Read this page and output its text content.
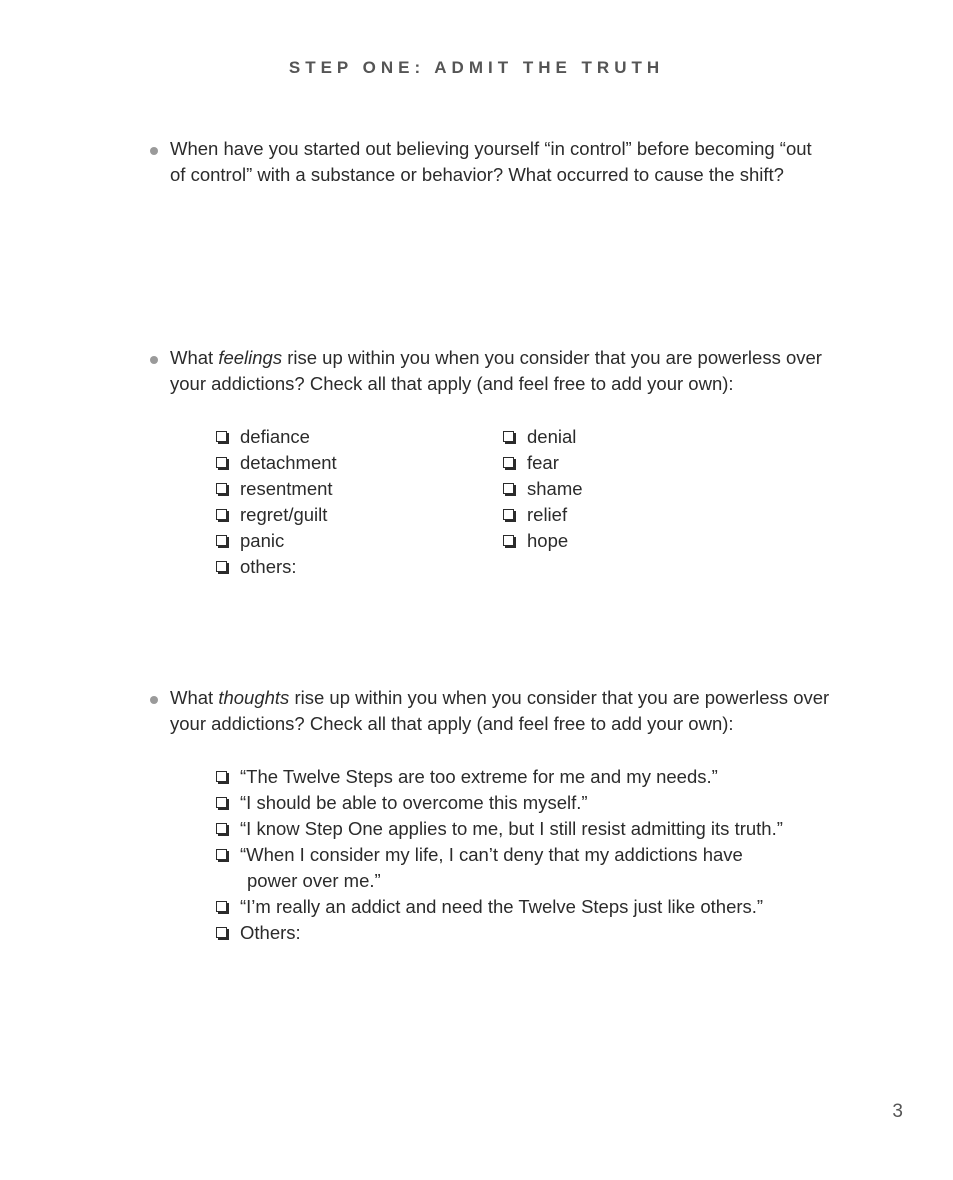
STEP ONE: ADMIT THE TRUTH
When have you started out believing yourself “in control” before becoming “out of control” with a substance or behavior? What occurred to cause the shift?
What feelings rise up within you when you consider that you are powerless over your addictions? Check all that apply (and feel free to add your own):
defiance
detachment
resentment
regret/guilt
panic
others:
denial
fear
shame
relief
hope
What thoughts rise up within you when you consider that you are powerless over your addictions? Check all that apply (and feel free to add your own):
“The Twelve Steps are too extreme for me and my needs.”
“I should be able to overcome this myself.”
“I know Step One applies to me, but I still resist admitting its truth.”
“When I consider my life, I can’t deny that my addictions have
power over me.”
“I’m really an addict and need the Twelve Steps just like others.”
Others:
3
